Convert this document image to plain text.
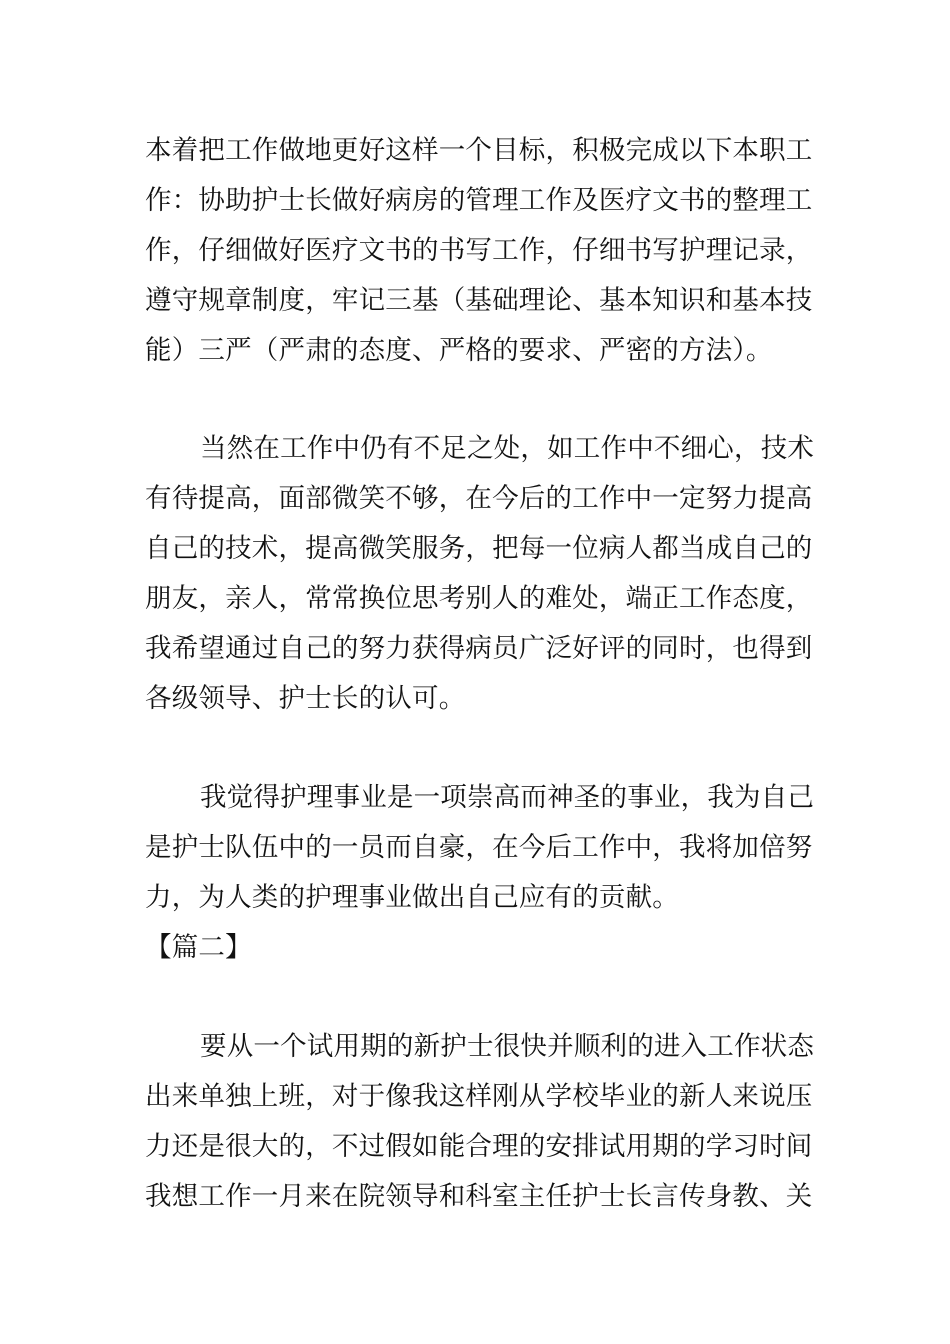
本着把工作做地更好这样一个目标，积极完成以下本职工
作：协助护士长做好病房的管理工作及医疗文书的整理工
作，仔细做好医疗文书的书写工作，仔细书写护理记录，
遵守规章制度，牢记三基（基础理论、基本知识和基本技
能）三严（严肃的态度、严格的要求、严密的方法）。
当然在工作中仍有不足之处，如工作中不细心，技术
有待提高，面部微笑不够，在今后的工作中一定努力提高
自己的技术，提高微笑服务，把每一位病人都当成自己的
朋友，亲人，常常换位思考别人的难处，端正工作态度，
我希望通过自己的努力获得病员广泛好评的同时，也得到
各级领导、护士长的认可。
我觉得护理事业是一项崇高而神圣的事业，我为自己
是护士队伍中的一员而自豪，在今后工作中，我将加倍努
力，为人类的护理事业做出自己应有的贡献。
【篇二】
要从一个试用期的新护士很快并顺利的进入工作状态
出来单独上班，对于像我这样刚从学校毕业的新人来说压
力还是很大的，不过假如能合理的安排试用期的学习时间
我想工作一月来在院领导和科室主任护士长言传身教、关
